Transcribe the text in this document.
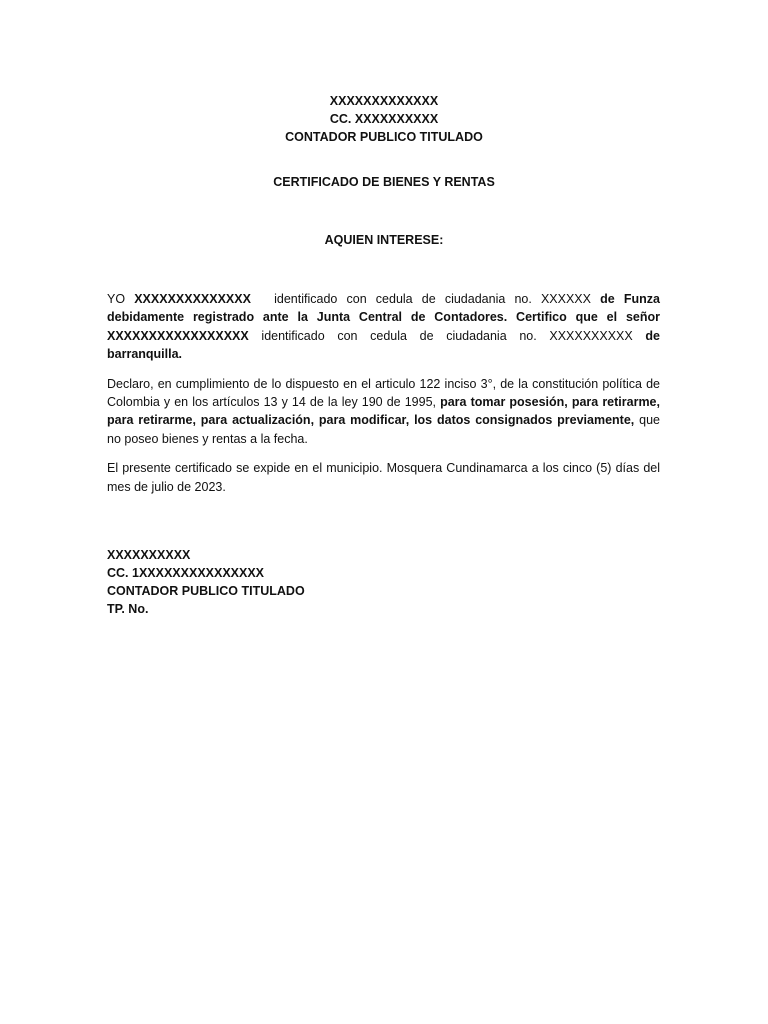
XXXXXXXXXXXXX
CC. XXXXXXXXXX
CONTADOR PUBLICO TITULADO
CERTIFICADO DE BIENES Y RENTAS
AQUIEN INTERESE:

YO XXXXXXXXXXXXXX identificado con cedula de ciudadania no. XXXXXX de Funza debidamente registrado ante la Junta Central de Contadores. Certifico que el señor XXXXXXXXXXXXXXXXX identificado con cedula de ciudadania no. XXXXXXXXXX de barranquilla.

Declaro, en cumplimiento de lo dispuesto en el articulo 122 inciso 3°, de la constitución política de Colombia y en los artículos 13 y 14 de la ley 190 de 1995, para tomar posesión, para retirarme, para retirarme, para actualización, para modificar, los datos consignados previamente, que no poseo bienes y rentas a la fecha.

El presente certificado se expide en el municipio. Mosquera Cundinamarca a los cinco (5) días del mes de julio de 2023.

XXXXXXXXXX
CC. 1XXXXXXXXXXXXXXX
CONTADOR PUBLICO TITULADO
TP. No.
